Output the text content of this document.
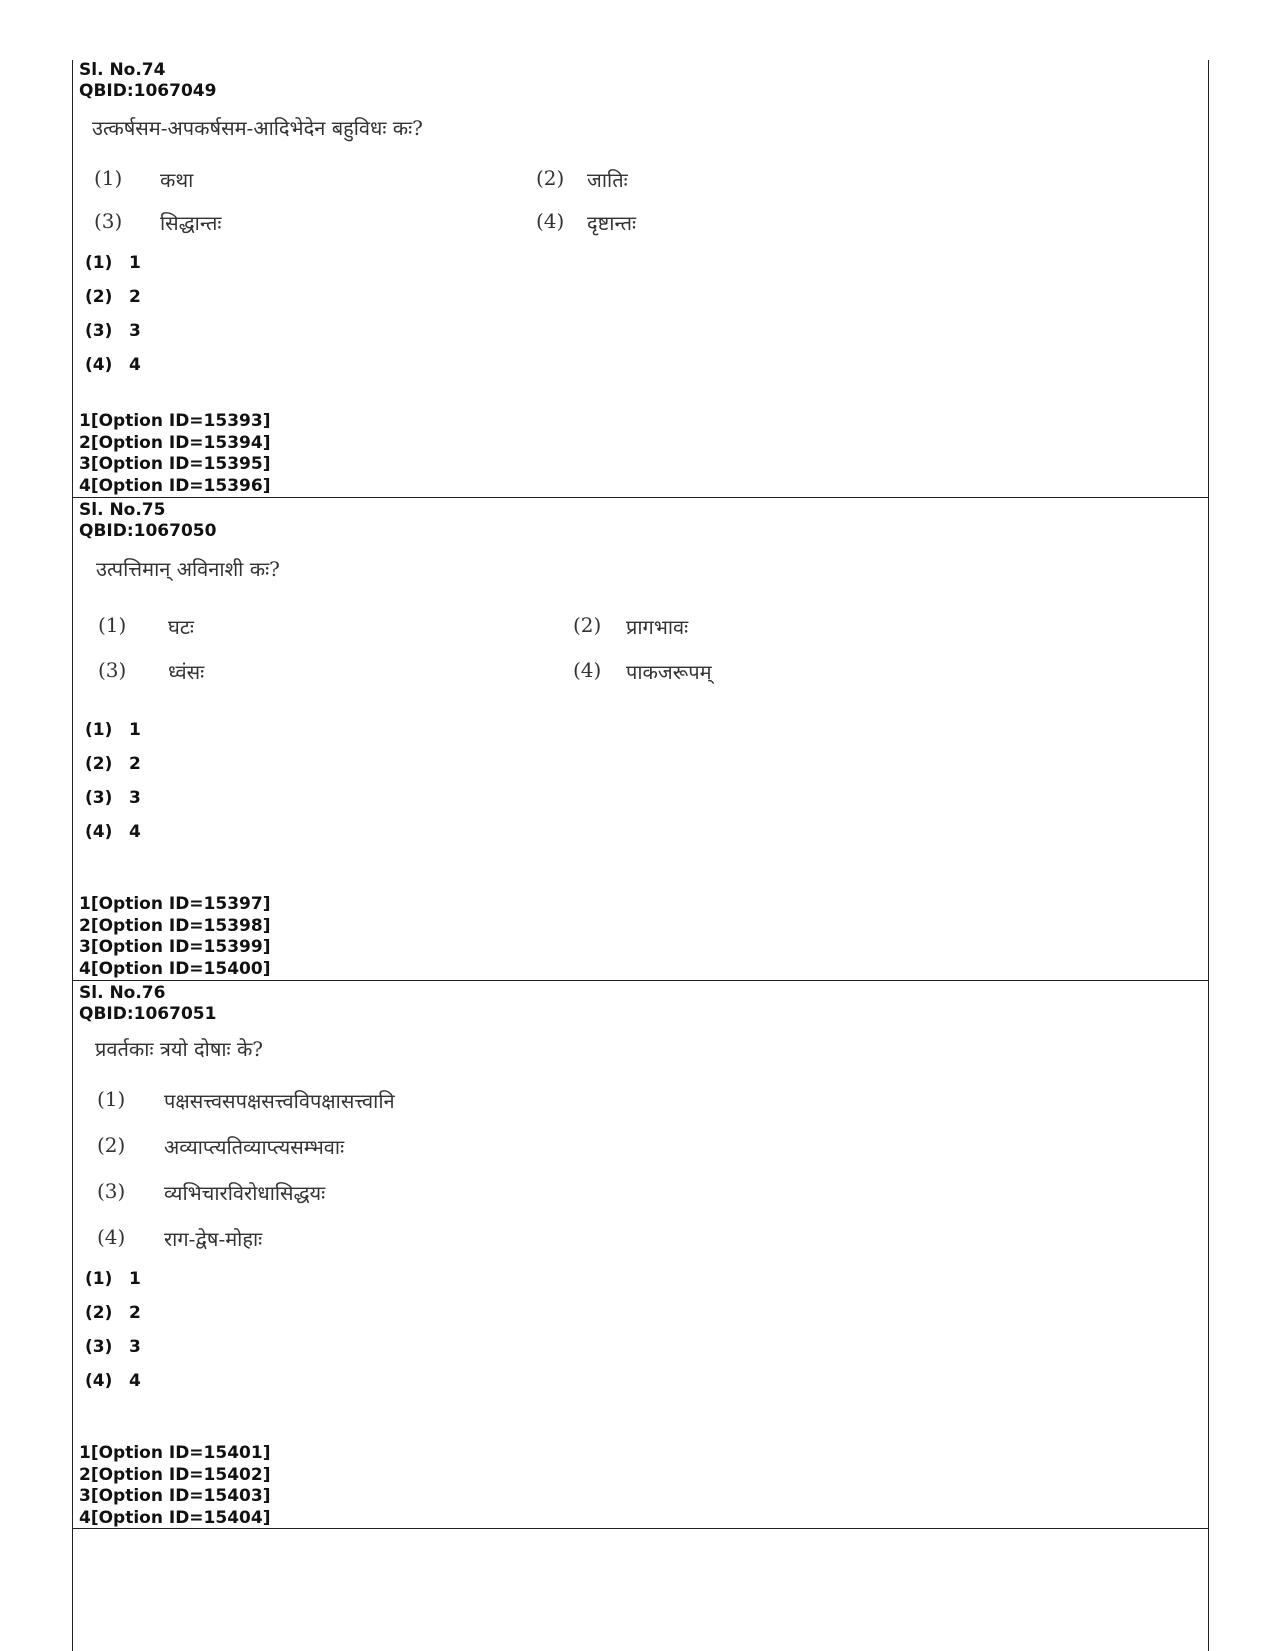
Sl. No.74
QBID:1067049
उत्कर्षसम-अपकर्षसम-आदिभेदेन बहुविधः कः?
(1) कथा	(2) जातिः
(3) सिद्धान्तः	(4) दृष्टान्तः
(1) 1
(2) 2
(3) 3
(4) 4
1[Option ID=15393]
2[Option ID=15394]
3[Option ID=15395]
4[Option ID=15396]
Sl. No.75
QBID:1067050
उत्पत्तिमान् अविनाशी कः?
(1) घटः	(2) प्रागभावः
(3) ध्वंसः	(4) पाकजरूपम्
(1) 1
(2) 2
(3) 3
(4) 4
1[Option ID=15397]
2[Option ID=15398]
3[Option ID=15399]
4[Option ID=15400]
Sl. No.76
QBID:1067051
प्रवर्तकाः त्रयो दोषाः के?
(1) पक्षसत्त्वसपक्षसत्त्वविपक्षासत्त्वानि
(2) अव्याप्त्यतिव्याप्त्यसम्भवाः
(3) व्यभिचारविरोधासिद्धयः
(4) राग-द्वेष-मोहाः
(1) 1
(2) 2
(3) 3
(4) 4
1[Option ID=15401]
2[Option ID=15402]
3[Option ID=15403]
4[Option ID=15404]
